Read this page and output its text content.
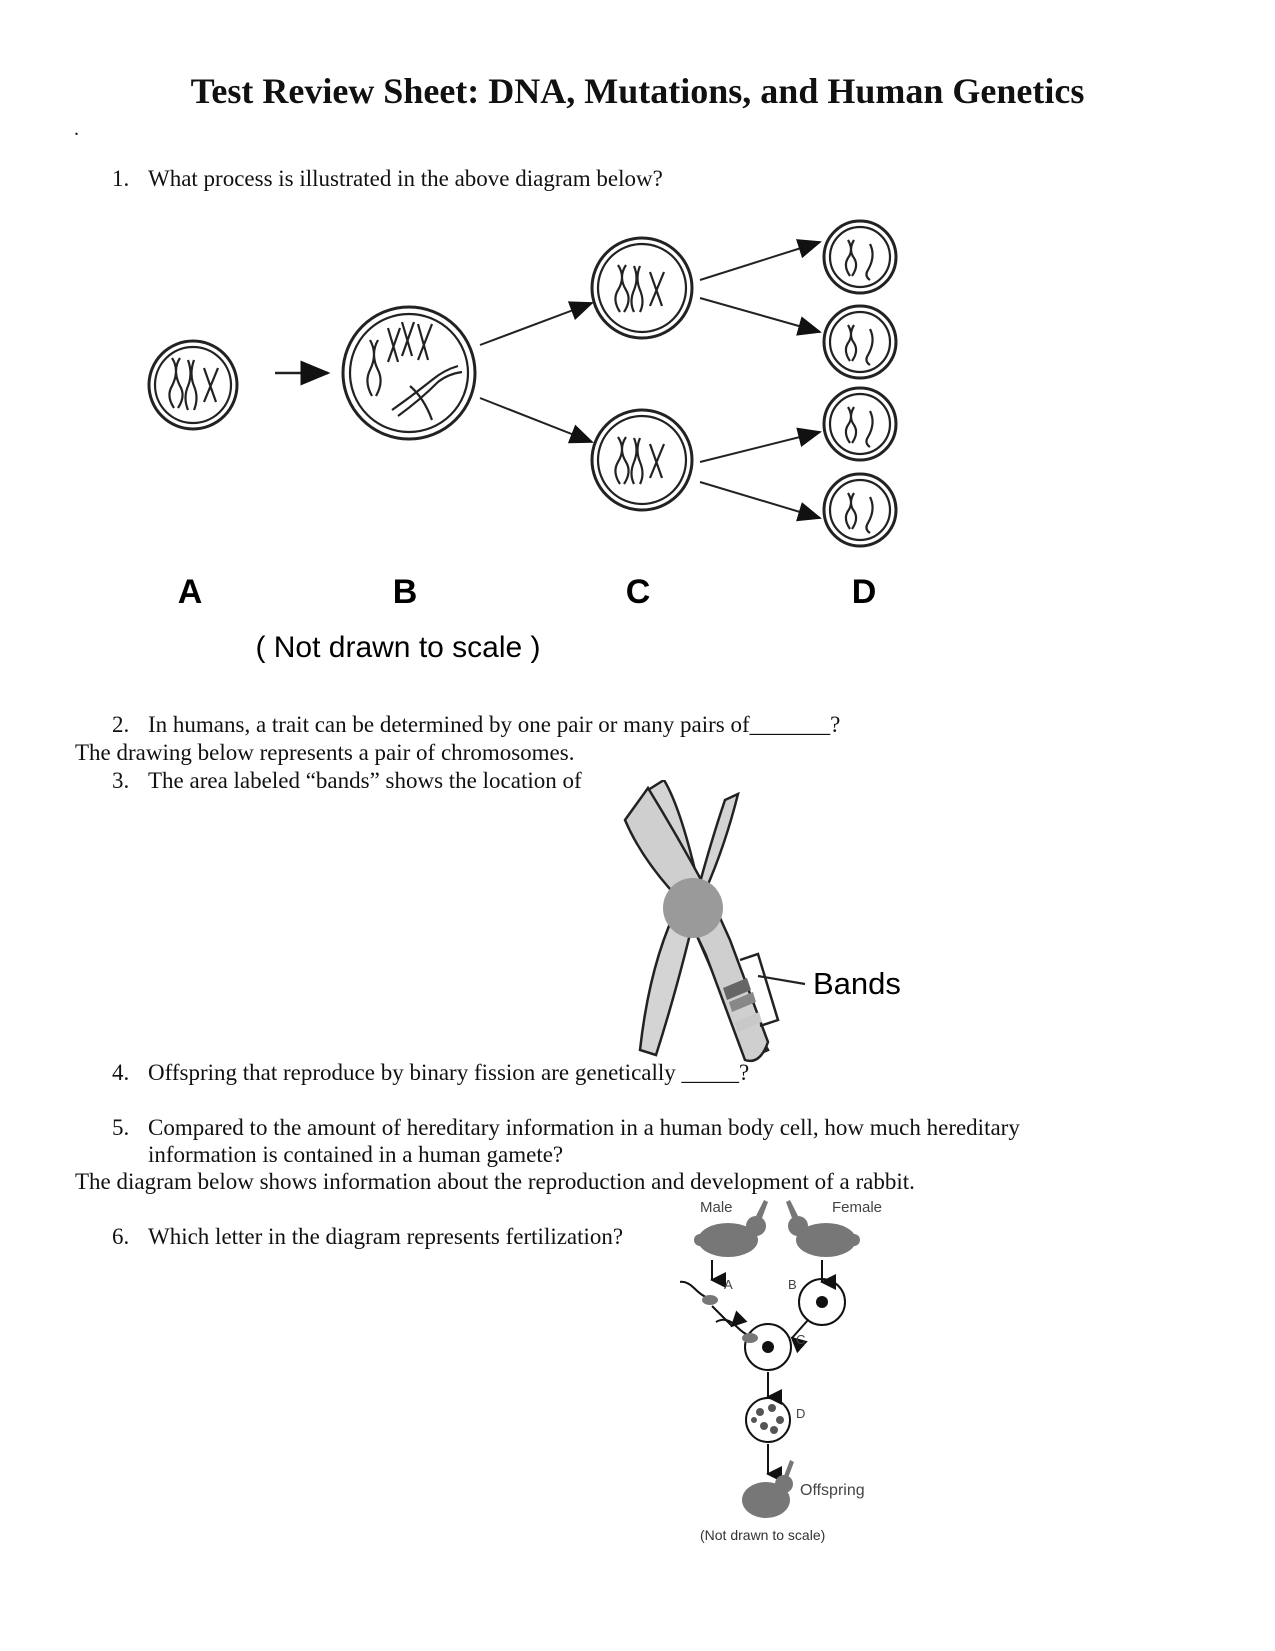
Test Review Sheet: DNA, Mutations, and Human Genetics
.
1. What process is illustrated in the above diagram below?
A	B	C	D
( Not drawn to scale )
2. In humans, a trait can be determined by one pair or many pairs of_______?
The drawing below represents a pair of chromosomes.
3. The area labeled “bands” shows the location of
Bands
4. Offspring that reproduce by binary fission are genetically _____?
5. Compared to the amount of hereditary information in a human body cell, how much hereditary
information is contained in a human gamete?
The diagram below shows information about the reproduction and development of a rabbit.
6. Which letter in the diagram represents fertilization?
Male	Female
A	B
C
D
Offspring
(Not drawn to scale)
